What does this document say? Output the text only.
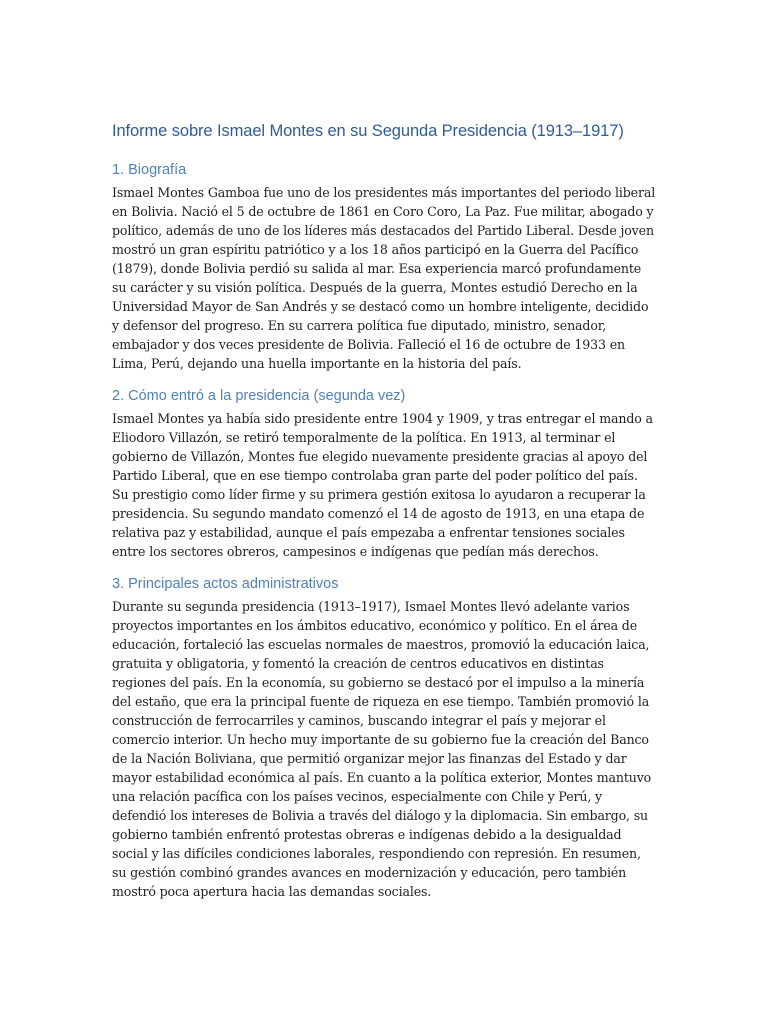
Informe sobre Ismael Montes en su Segunda Presidencia (1913–1917)
1. Biografía

Ismael Montes Gamboa fue uno de los presidentes más importantes del periodo liberal en Bolivia. Nació el 5 de octubre de 1861 en Coro Coro, La Paz. Fue militar, abogado y político, además de uno de los líderes más destacados del Partido Liberal. Desde joven mostró un gran espíritu patriótico y a los 18 años participó en la Guerra del Pacífico (1879), donde Bolivia perdió su salida al mar. Esa experiencia marcó profundamente su carácter y su visión política. Después de la guerra, Montes estudió Derecho en la Universidad Mayor de San Andrés y se destacó como un hombre inteligente, decidido y defensor del progreso. En su carrera política fue diputado, ministro, senador, embajador y dos veces presidente de Bolivia. Falleció el 16 de octubre de 1933 en Lima, Perú, dejando una huella importante en la historia del país.

2. Cómo entró a la presidencia (segunda vez)

Ismael Montes ya había sido presidente entre 1904 y 1909, y tras entregar el mando a Eliodoro Villazón, se retiró temporalmente de la política. En 1913, al terminar el gobierno de Villazón, Montes fue elegido nuevamente presidente gracias al apoyo del Partido Liberal, que en ese tiempo controlaba gran parte del poder político del país. Su prestigio como líder firme y su primera gestión exitosa lo ayudaron a recuperar la presidencia. Su segundo mandato comenzó el 14 de agosto de 1913, en una etapa de relativa paz y estabilidad, aunque el país empezaba a enfrentar tensiones sociales entre los sectores obreros, campesinos e indígenas que pedían más derechos.

3. Principales actos administrativos

Durante su segunda presidencia (1913–1917), Ismael Montes llevó adelante varios proyectos importantes en los ámbitos educativo, económico y político. En el área de educación, fortaleció las escuelas normales de maestros, promovió la educación laica, gratuita y obligatoria, y fomentó la creación de centros educativos en distintas regiones del país. En la economía, su gobierno se destacó por el impulso a la minería del estaño, que era la principal fuente de riqueza en ese tiempo. También promovió la construcción de ferrocarriles y caminos, buscando integrar el país y mejorar el comercio interior. Un hecho muy importante de su gobierno fue la creación del Banco de la Nación Boliviana, que permitió organizar mejor las finanzas del Estado y dar mayor estabilidad económica al país. En cuanto a la política exterior, Montes mantuvo una relación pacífica con los países vecinos, especialmente con Chile y Perú, y defendió los intereses de Bolivia a través del diálogo y la diplomacia. Sin embargo, su gobierno también enfrentó protestas obreras e indígenas debido a la desigualdad social y las difíciles condiciones laborales, respondiendo con represión. En resumen, su gestión combinó grandes avances en modernización y educación, pero también mostró poca apertura hacia las demandas sociales.
